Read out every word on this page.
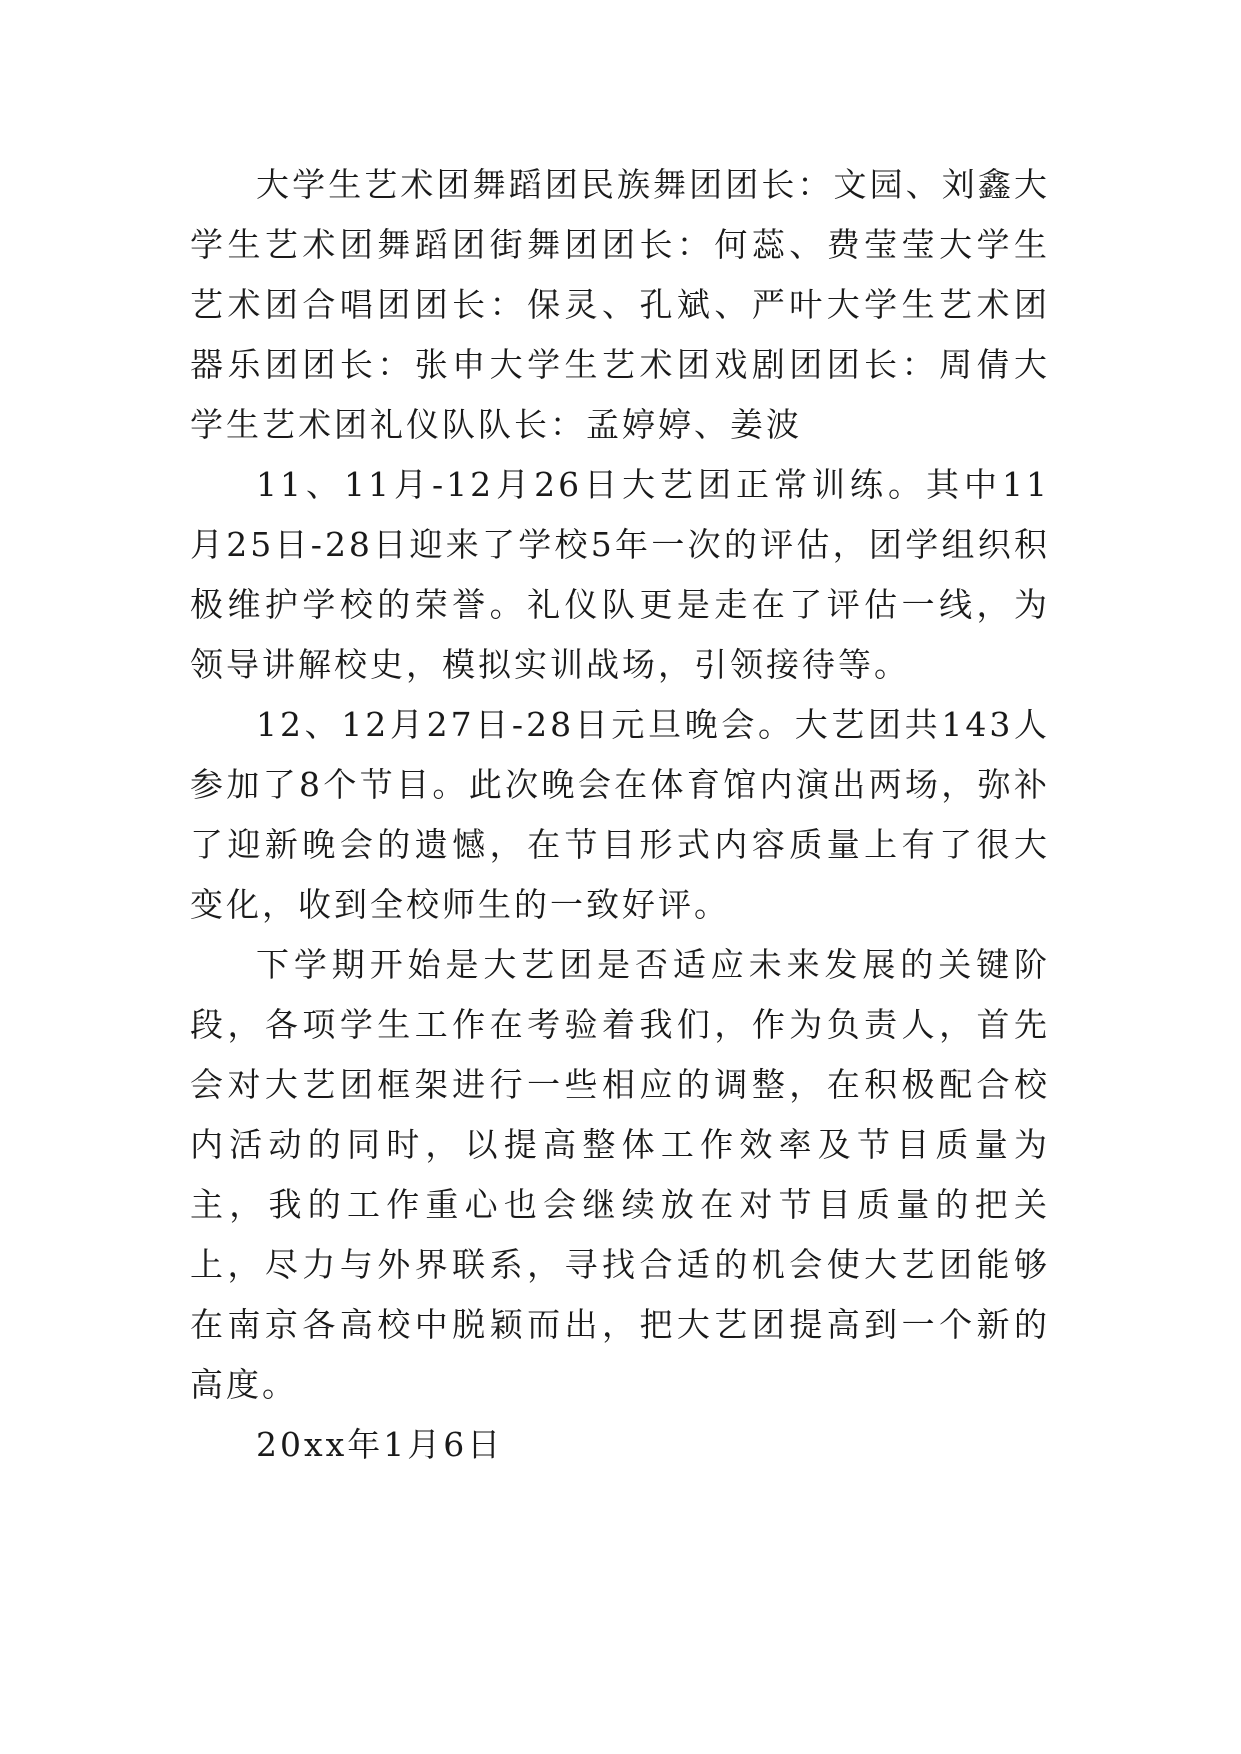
大学生艺术团舞蹈团民族舞团团长：文园、刘鑫大学生艺术团舞蹈团街舞团团长：何蕊、费莹莹大学生艺术团合唱团团长：保灵、孔斌、严叶大学生艺术团器乐团团长：张申大学生艺术团戏剧团团长：周倩大学生艺术团礼仪队队长：孟婷婷、姜波

11、11月-12月26日大艺团正常训练。其中11月25日-28日迎来了学校5年一次的评估，团学组织积极维护学校的荣誉。礼仪队更是走在了评估一线，为领导讲解校史，模拟实训战场，引领接待等。

12、12月27日-28日元旦晚会。大艺团共143人参加了8个节目。此次晚会在体育馆内演出两场，弥补了迎新晚会的遗憾，在节目形式内容质量上有了很大变化，收到全校师生的一致好评。

下学期开始是大艺团是否适应未来发展的关键阶段，各项学生工作在考验着我们，作为负责人，首先会对大艺团框架进行一些相应的调整，在积极配合校内活动的同时，以提高整体工作效率及节目质量为主，我的工作重心也会继续放在对节目质量的把关上，尽力与外界联系，寻找合适的机会使大艺团能够在南京各高校中脱颖而出，把大艺团提高到一个新的高度。

20xx年1月6日
